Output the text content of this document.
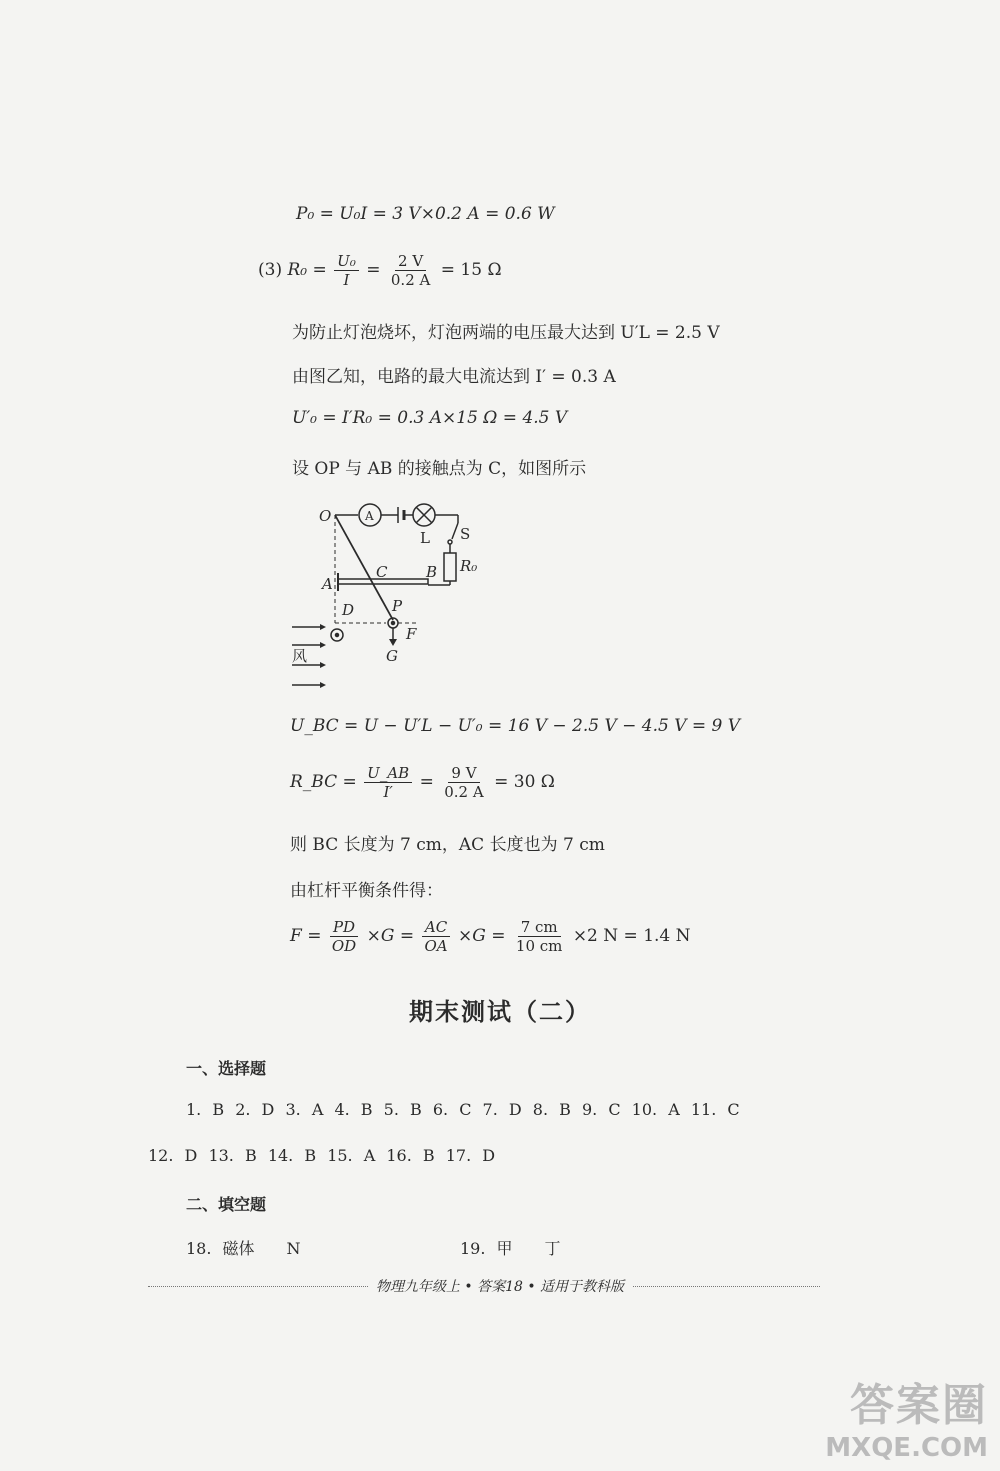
P₀ = U₀I = 3 V×0.2 A = 0.6 W
(3) $R_0 = \frac{\text{U₀}}{I} = \frac{2 V}{0.2 A} = 15$ Ω
为防止灯泡烧坏，灯泡两端的电压最大达到 U′L = 2.5 V
由图乙知，电路的最大电流达到 I′ = 0.3 A
U′₀ = I′R₀ = 0.3 A×15 Ω = 4.5 V
设 OP 与 AB 的接触点为 C，如图所示
O	A
L S
R₀
A
C	B
D	P
F
G
风
U_BC = U − U′L − U′₀ = 16 V − 2.5 V − 4.5 V = 9 V
R_BC = $\frac{U\_AB}{I'} = \frac{9 V}{0.2 A} = 30$ Ω
则 BC 长度为 7 cm，AC 长度也为 7 cm
由杠杆平衡条件得：
$F = \frac{PD}{OD} \times G = \frac{AC}{OA} \times G = \frac{7 cm}{10 cm} \times 2$ N = 1.4 N
期末测试（二）
一、选择题
1. B 2. D 3. A 4. B 5. B 6. C 7. D 8. B 9. C 10. A 11. C
12. D 13. B 14. B 15. A 16. B 17. D
二、填空题
18. 磁体　　N	19. 甲　　丁
物理九年级上 • 答案18 • 适用于教科版
答案圈
MXQE.COM
